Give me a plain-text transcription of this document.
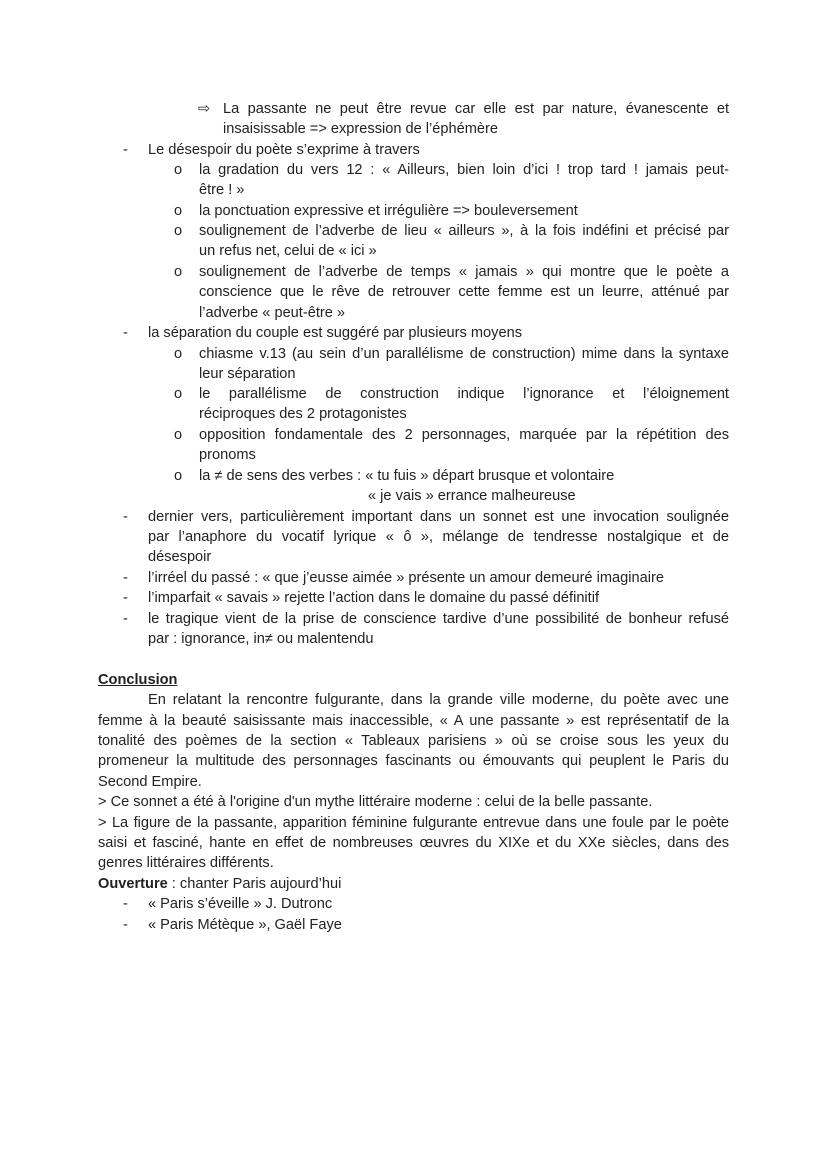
⇨ La passante ne peut être revue car elle est par nature, évanescente et
insaisissable => expression de l’éphémère
- Le désespoir du poète s’exprime à travers
o la gradation du vers 12 : « Ailleurs, bien loin d’ici ! trop tard ! jamais peut-
être ! »
o la ponctuation expressive et irrégulière => bouleversement
o soulignement de l’adverbe de lieu « ailleurs », à la fois indéfini et précisé par
un refus net, celui de « ici »
o soulignement de l’adverbe de temps « jamais » qui montre que le poète a
conscience que le rêve de retrouver cette femme est un leurre, atténué par
l’adverbe « peut-être »
- la séparation du couple est suggéré par plusieurs moyens
o chiasme v.13 (au sein d’un parallélisme de construction) mime dans la syntaxe
leur séparation
o le parallélisme de construction indique l’ignorance et l’éloignement
réciproques des 2 protagonistes
o opposition fondamentale des 2 personnages, marquée par la répétition des
pronoms
o la ≠ de sens des verbes : « tu fuis » départ brusque et volontaire
« je vais » errance malheureuse
- dernier vers, particulièrement important dans un sonnet est une invocation soulignée
par l’anaphore du vocatif lyrique « ô », mélange de tendresse nostalgique et de
désespoir
- l’irréel du passé : « que j’eusse aimée » présente un amour demeuré imaginaire
- l’imparfait « savais » rejette l’action dans le domaine du passé définitif
- le tragique vient de la prise de conscience tardive d’une possibilité de bonheur refusé
par : ignorance, in≠ ou malentendu
Conclusion
En relatant la rencontre fulgurante, dans la grande ville moderne, du poète avec une
femme à la beauté saisissante mais inaccessible, « A une passante » est représentatif de la
tonalité des poèmes de la section « Tableaux parisiens » où se croise sous les yeux du
promeneur la multitude des personnages fascinants ou émouvants qui peuplent le Paris du
Second Empire.
> Ce sonnet a été à l'origine d'un mythe littéraire moderne : celui de la belle passante.
> La figure de la passante, apparition féminine fulgurante entrevue dans une foule par le poète
saisi et fasciné, hante en effet de nombreuses œuvres du XIXe et du XXe siècles, dans des
genres littéraires différents.
Ouverture : chanter Paris aujourd’hui
- « Paris s’éveille » J. Dutronc
- « Paris Métèque », Gaël Faye
